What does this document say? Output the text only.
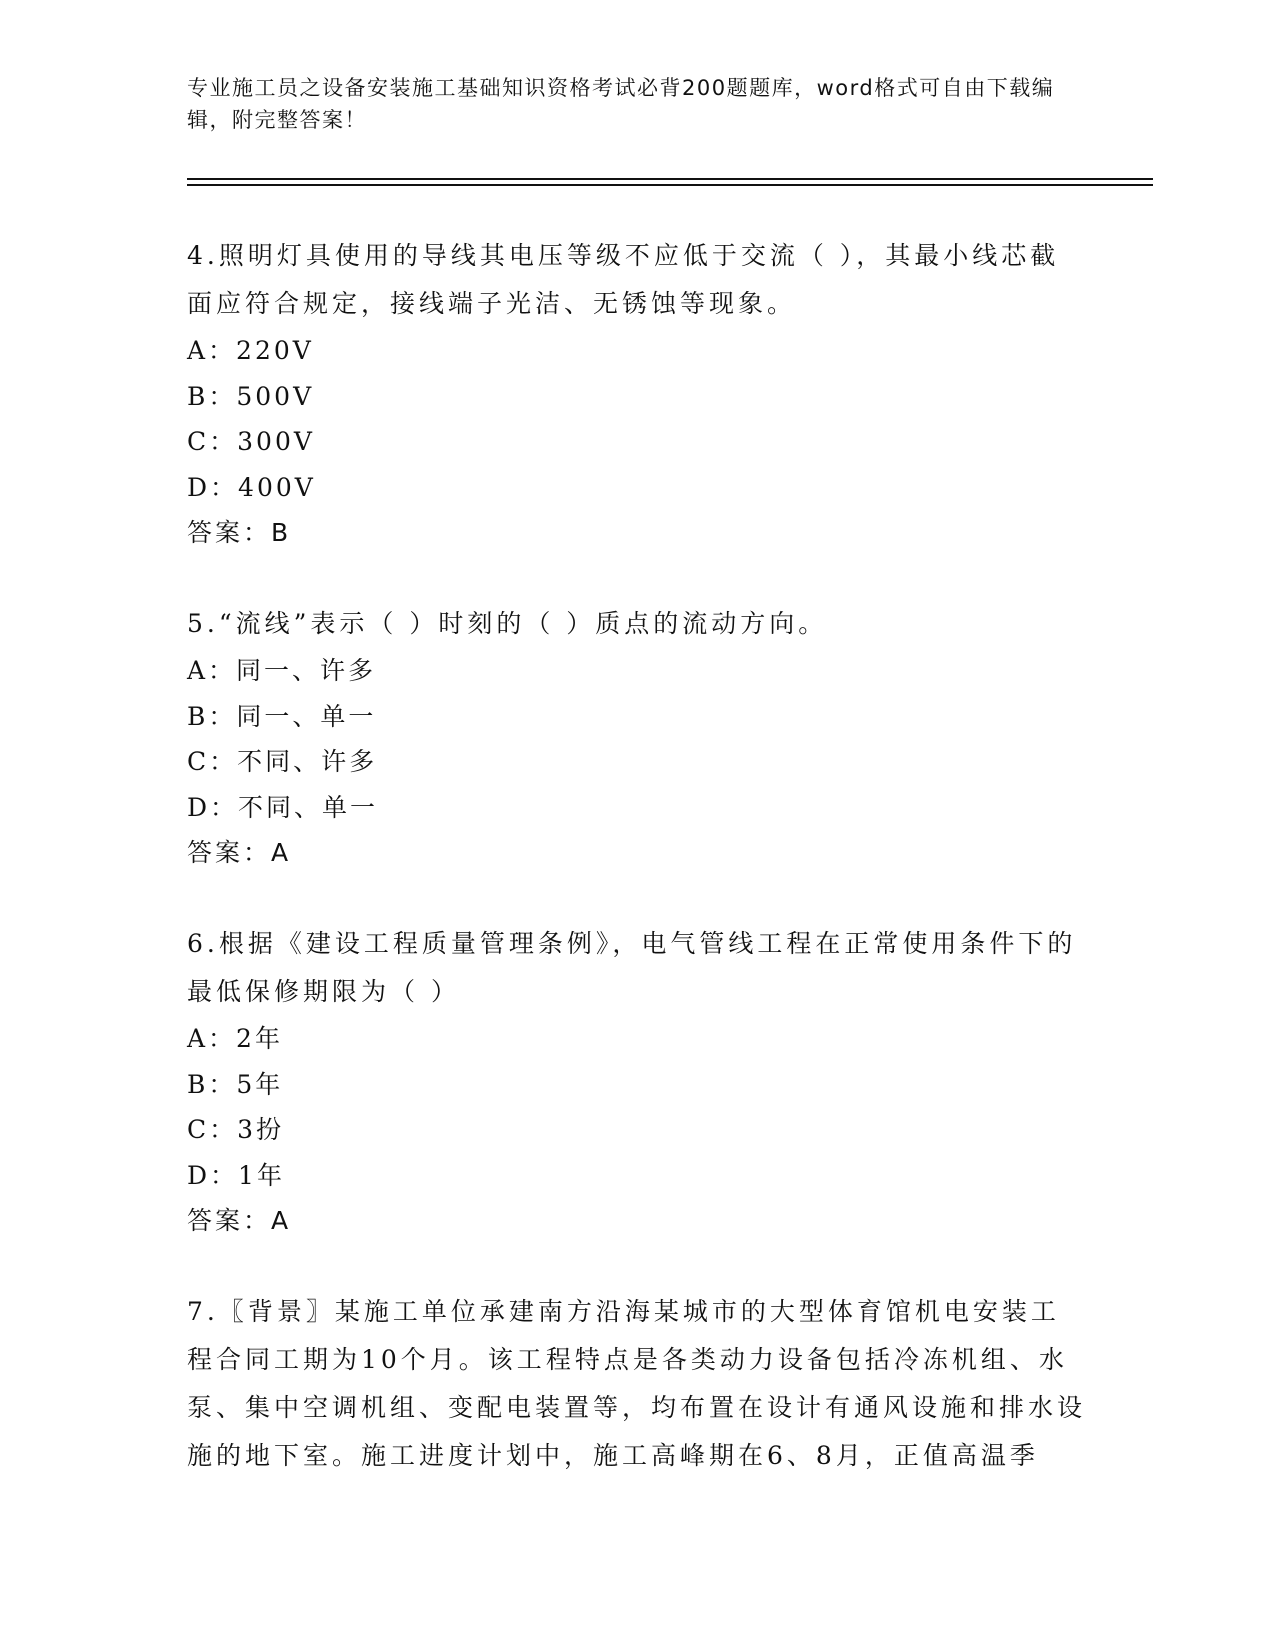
专业施工员之设备安装施工基础知识资格考试必背200题题库，word格式可自由下载编辑，附完整答案！

4.照明灯具使用的导线其电压等级不应低于交流（ ），其最小线芯截面应符合规定，接线端子光洁、无锈蚀等现象。

A：220V

B：500V

C：300V

D：400V

答案：B

5.“流线”表示（ ）时刻的（ ）质点的流动方向。

A：同一、许多

B：同一、单一

C：不同、许多

D：不同、单一

答案：A

6.根据《建设工程质量管理条例》，电气管线工程在正常使用条件下的最低保修期限为（ ）

A：2年

B：5年

C：3扮

D：1年

答案：A

7.〖背景〗某施工单位承建南方沿海某城市的大型体育馆机电安装工程合同工期为10个月。该工程特点是各类动力设备包括冷冻机组、水泵、集中空调机组、变配电装置等，均布置在设计有通风设施和排水设施的地下室。施工进度计划中，施工高峰期在6、8月，正值高温季
